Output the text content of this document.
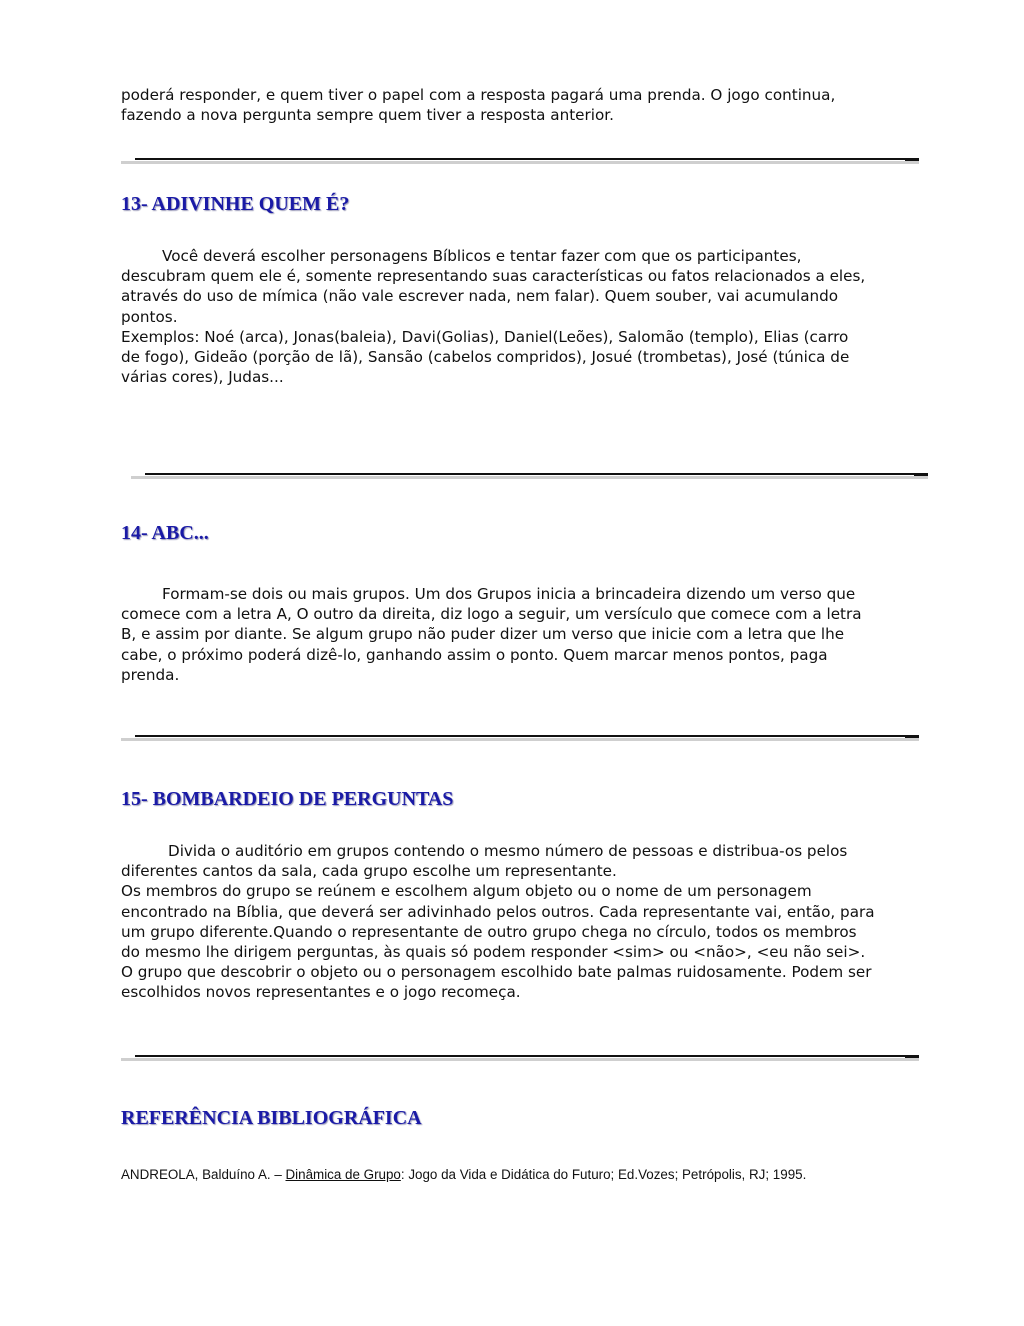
poderá responder, e quem tiver o papel com a resposta pagará uma prenda. O jogo continua,

fazendo a nova pergunta sempre quem tiver a resposta anterior.

13- ADIVINHE QUEM É?

Você deverá escolher personagens Bíblicos e tentar fazer com que os participantes,

descubram quem ele é, somente representando suas características ou fatos relacionados a eles,

através do uso de mímica (não vale escrever nada, nem falar). Quem souber, vai acumulando

pontos.

Exemplos: Noé (arca), Jonas(baleia), Davi(Golias), Daniel(Leões), Salomão (templo), Elias (carro

de fogo), Gideão (porção de lã), Sansão (cabelos compridos), Josué (trombetas), José (túnica de

várias cores), Judas...

14- ABC...

Formam-se dois ou mais grupos. Um dos Grupos inicia a brincadeira dizendo um verso que

comece com a letra A, O outro da direita, diz logo a seguir, um versículo que comece com a letra

B, e assim por diante. Se algum grupo não puder dizer um verso que inicie com a letra que lhe

cabe, o próximo poderá dizê-lo, ganhando assim o ponto. Quem marcar menos pontos, paga

prenda.

15- BOMBARDEIO DE PERGUNTAS

Divida o auditório em grupos contendo o mesmo número de pessoas e distribua-os pelos

diferentes cantos da sala, cada grupo escolhe um representante.

Os membros do grupo se reúnem e escolhem algum objeto ou o nome de um personagem

encontrado na Bíblia, que deverá ser adivinhado pelos outros. Cada representante vai, então, para

um grupo diferente.Quando o representante de outro grupo chega no círculo, todos os membros

do mesmo lhe dirigem perguntas, às quais só podem responder <sim> ou <não>, <eu não sei>.

O grupo que descobrir o objeto ou o personagem escolhido bate palmas ruidosamente. Podem ser

escolhidos novos representantes e o jogo recomeça.

REFERÊNCIA BIBLIOGRÁFICA
ANDREOLA, Balduíno A. – Dinâmica de Grupo: Jogo da Vida e Didática do Futuro; Ed.Vozes; Petrópolis, RJ; 1995.
